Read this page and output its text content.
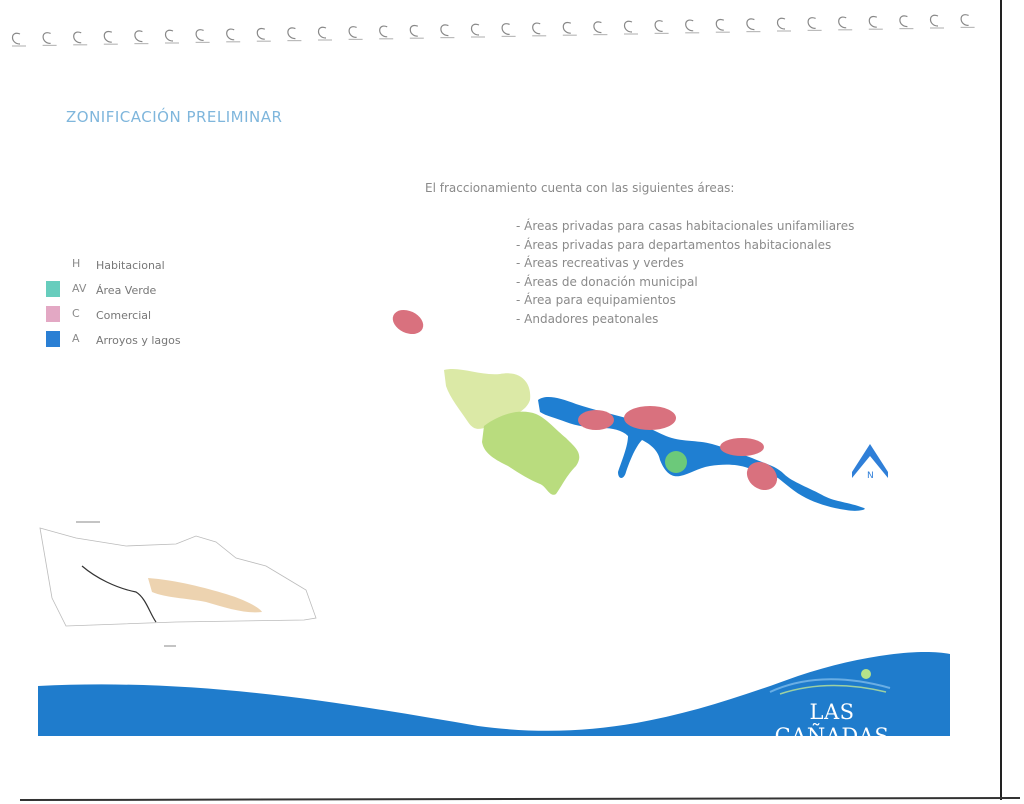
ZONIFICACIÓN PRELIMINAR
El fraccionamiento cuenta con las siguientes áreas:
- Áreas privadas para casas habitacionales unifamiliares
- Áreas privadas para departamentos habitacionales
- Áreas recreativas y verdes
- Áreas de donación municipal
- Área para equipamientos
- Andadores peatonales
H Habitacional
AV Área Verde
C Comercial
A Arroyos y lagos
N
LAS CAÑADAS
DESARROLLO INMOBILIARIO
